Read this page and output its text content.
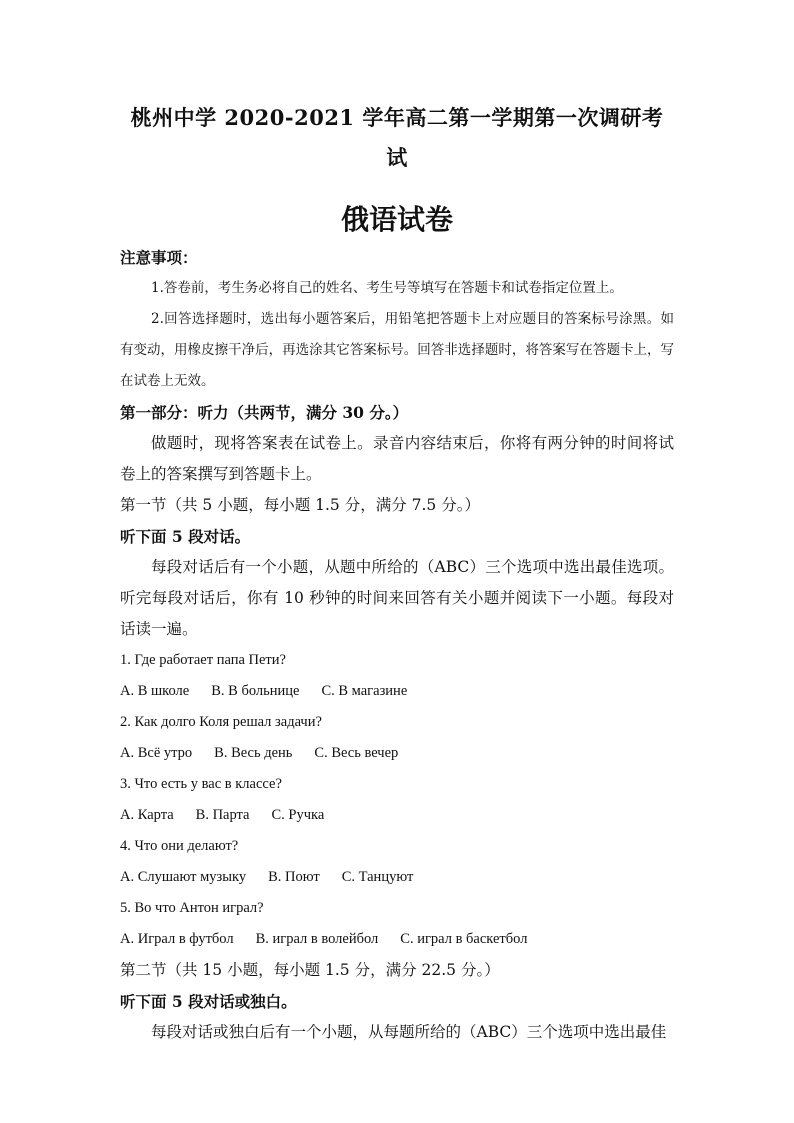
桃州中学 2020-2021 学年高二第一学期第一次调研考试
俄语试卷

注意事项：

1.答卷前，考生务必将自己的姓名、考生号等填写在答题卡和试卷指定位置上。

2.回答选择题时，选出每小题答案后，用铅笔把答题卡上对应题目的答案标号涂黑。如有变动，用橡皮擦干净后，再选涂其它答案标号。回答非选择题时，将答案写在答题卡上，写在试卷上无效。

第一部分：听力（共两节，满分 30 分。）

做题时，现将答案表在试卷上。录音内容结束后，你将有两分钟的时间将试卷上的答案撰写到答题卡上。

第一节（共 5 小题，每小题 1.5 分，满分 7.5 分。）

听下面 5 段对话。

每段对话后有一个小题，从题中所给的（ABC）三个选项中选出最佳选项。听完每段对话后，你有 10 秒钟的时间来回答有关小题并阅读下一小题。每段对话读一遍。

1. Где работает папа Пети?

A. В школе B. В больнице C. В магазине

2. Как долго Коля решал задачи?

A. Всё утро B. Весь день C. Весь вечер

3. Что есть у вас в классе?

A. Карта B. Парта C. Ручка

4. Что они делают?

A. Слушают музыку B. Поют C. Танцуют

5. Во что Антон играл?

A. Играл в футбол B. играл в волейбол C. играл в баскетбол

第二节（共 15 小题，每小题 1.5 分，满分 22.5 分。）

听下面 5 段对话或独白。

每段对话或独白后有一个小题，从每题所给的（ABC）三个选项中选出最佳
